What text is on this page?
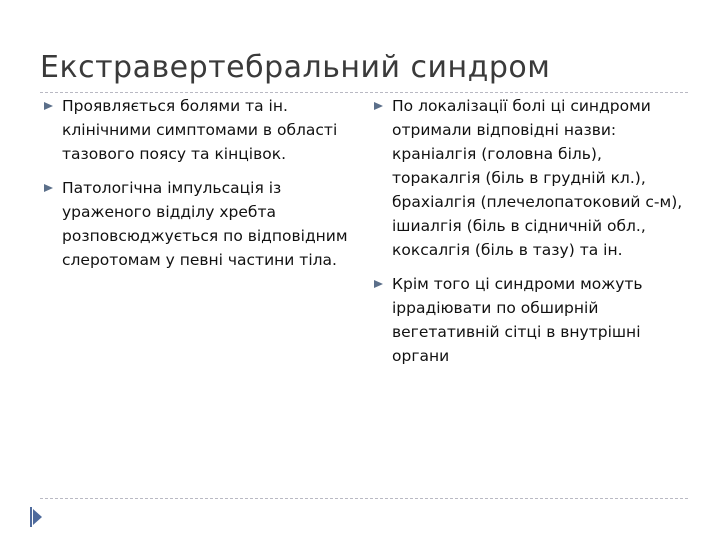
Екстравертебральний синдром
Проявляється болями та ін. клінічними симптомами в області тазового поясу та кінцівок.
Патологічна імпульсація із ураженого відділу хребта розповсюджується по відповідним слеротомам у певні частини тіла.
По локалізації болі ці синдроми отримали відповідні назви: краніалгія (головна біль), торакалгія (біль в грудній кл.), брахіалгія (плечелопатоковий с-м), ішиалгія (біль в сідничній обл., коксалгія (біль в тазу) та ін.
Крім того ці синдроми можуть іррадіювати по обширній вегетативній сітці в внутрішні органи
